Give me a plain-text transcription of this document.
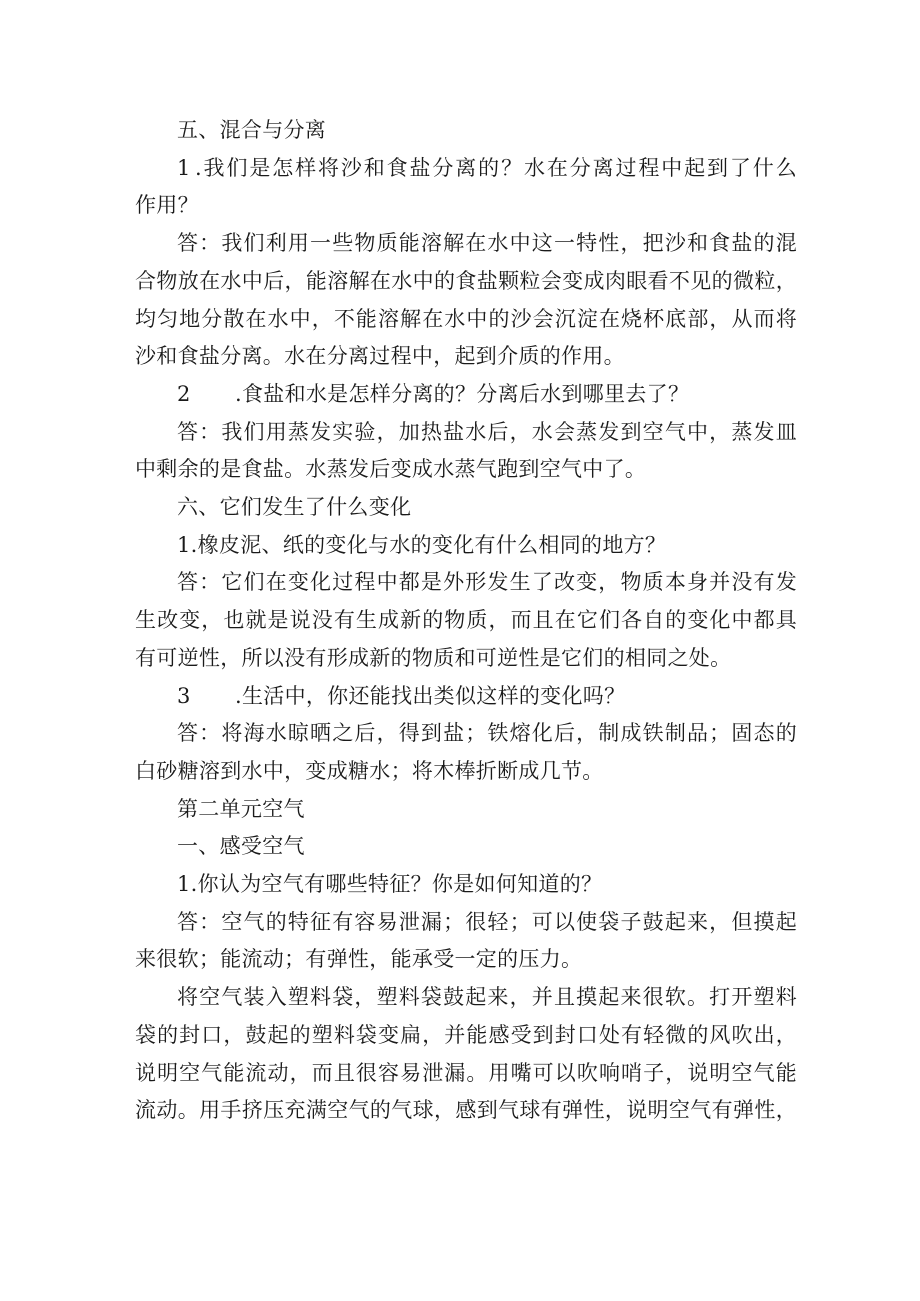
五、混合与分离
1 .我们是怎样将沙和食盐分离的？水在分离过程中起到了什么
作用？
答：我们利用一些物质能溶解在水中这一特性，把沙和食盐的混
合物放在水中后，能溶解在水中的食盐颗粒会变成肉眼看不见的微粒，
均匀地分散在水中，不能溶解在水中的沙会沉淀在烧杯底部，从而将
沙和食盐分离。水在分离过程中，起到介质的作用。
2 .食盐和水是怎样分离的？分离后水到哪里去了？
答：我们用蒸发实验，加热盐水后，水会蒸发到空气中，蒸发皿
中剩余的是食盐。水蒸发后变成水蒸气跑到空气中了。
六、它们发生了什么变化
1.橡皮泥、纸的变化与水的变化有什么相同的地方？
答：它们在变化过程中都是外形发生了改变，物质本身并没有发
生改变，也就是说没有生成新的物质，而且在它们各自的变化中都具
有可逆性，所以没有形成新的物质和可逆性是它们的相同之处。
3 .生活中，你还能找出类似这样的变化吗？
答：将海水晾晒之后，得到盐；铁熔化后，制成铁制品；固态的
白砂糖溶到水中，变成糖水；将木棒折断成几节。
第二单元空气
一、感受空气
1.你认为空气有哪些特征？你是如何知道的？
答：空气的特征有容易泄漏；很轻；可以使袋子鼓起来，但摸起
来很软；能流动；有弹性，能承受一定的压力。
将空气装入塑料袋，塑料袋鼓起来，并且摸起来很软。打开塑料
袋的封口，鼓起的塑料袋变扁，并能感受到封口处有轻微的风吹出，
说明空气能流动，而且很容易泄漏。用嘴可以吹响哨子，说明空气能
流动。用手挤压充满空气的气球，感到气球有弹性，说明空气有弹性，
